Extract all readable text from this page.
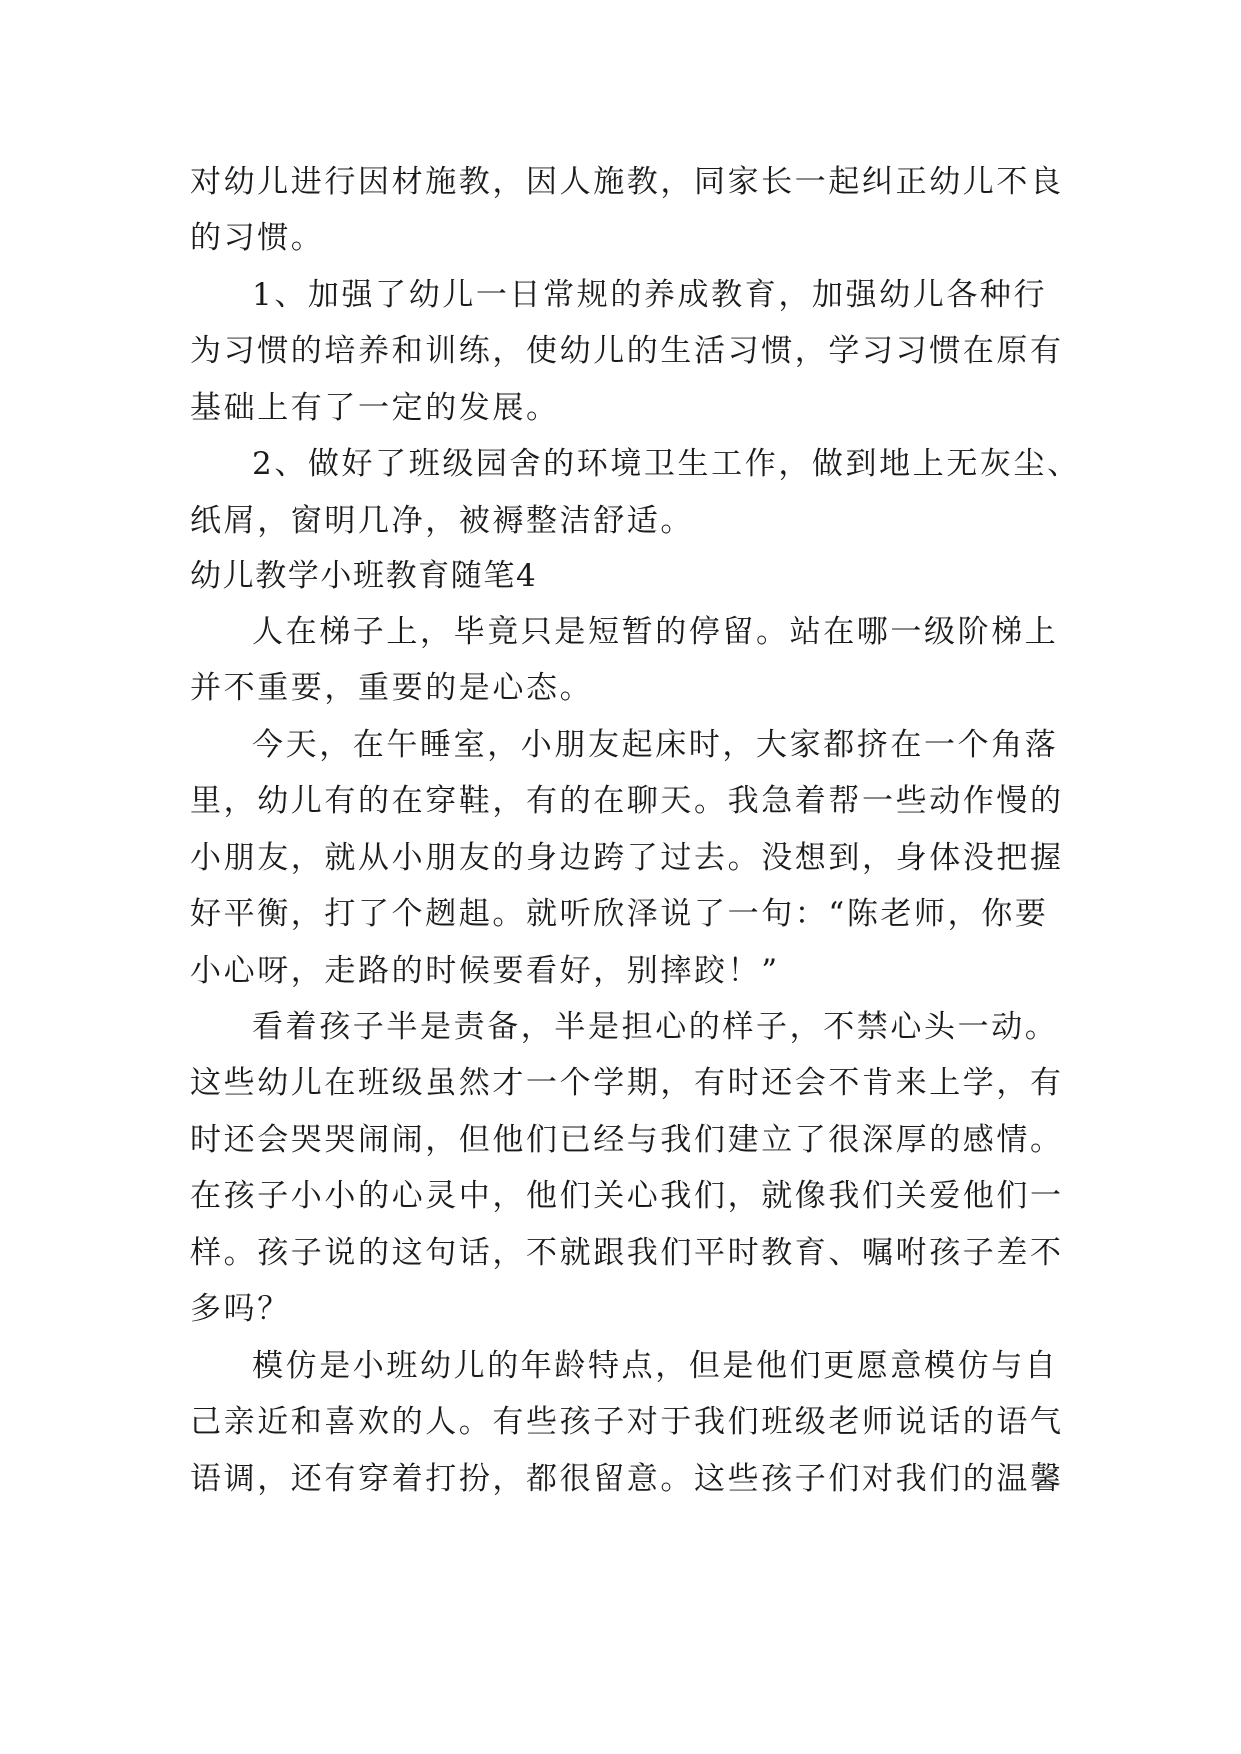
对幼儿进行因材施教，因人施教，同家长一起纠正幼儿不良
的习惯。
1、加强了幼儿一日常规的养成教育，加强幼儿各种行
为习惯的培养和训练，使幼儿的生活习惯，学习习惯在原有
基础上有了一定的发展。
2、做好了班级园舍的环境卫生工作，做到地上无灰尘、
纸屑，窗明几净，被褥整洁舒适。
幼儿教学小班教育随笔4
人在梯子上，毕竟只是短暂的停留。站在哪一级阶梯上
并不重要，重要的是心态。
今天，在午睡室，小朋友起床时，大家都挤在一个角落
里，幼儿有的在穿鞋，有的在聊天。我急着帮一些动作慢的
小朋友，就从小朋友的身边跨了过去。没想到，身体没把握
好平衡，打了个趔趄。就听欣泽说了一句：“陈老师，你要
小心呀，走路的时候要看好，别摔跤！”
看着孩子半是责备，半是担心的样子，不禁心头一动。
这些幼儿在班级虽然才一个学期，有时还会不肯来上学，有
时还会哭哭闹闹，但他们已经与我们建立了很深厚的感情。
在孩子小小的心灵中，他们关心我们，就像我们关爱他们一
样。孩子说的这句话，不就跟我们平时教育、嘱咐孩子差不
多吗？
模仿是小班幼儿的年龄特点，但是他们更愿意模仿与自
己亲近和喜欢的人。有些孩子对于我们班级老师说话的语气
语调，还有穿着打扮，都很留意。这些孩子们对我们的温馨
